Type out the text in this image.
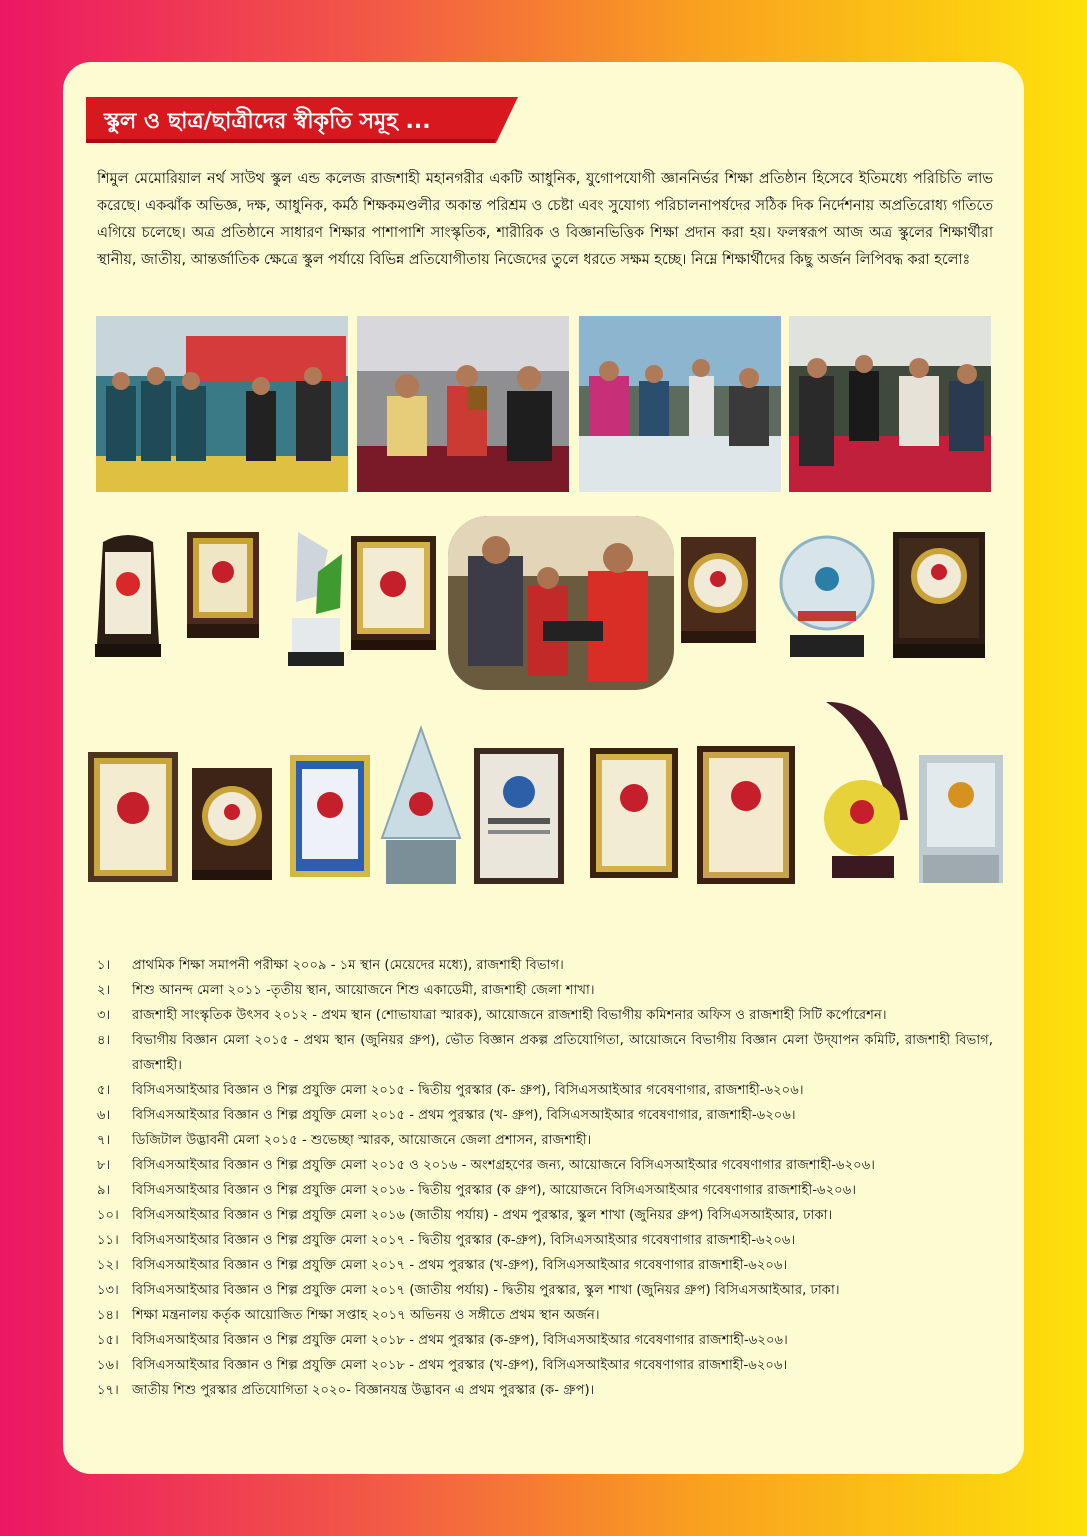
স্কুল ও ছাত্র/ছাত্রীদের স্বীকৃতি সমূহ ...

শিমুল মেমোরিয়াল নর্থ সাউথ স্কুল এন্ড কলেজ রাজশাহী মহানগরীর একটি আধুনিক, যুগোপযোগী জ্ঞাননির্ভর শিক্ষা প্রতিষ্ঠান হিসেবে ইতিমধ্যে পরিচিতি লাভ করেছে। একঝাঁক অভিজ্ঞ, দক্ষ, আধুনিক, কর্মঠ শিক্ষকমণ্ডলীর অকান্ত পরিশ্রম ও চেষ্টা এবং সুযোগ্য পরিচালনাপর্ষদের সঠিক দিক নির্দেশনায় অপ্রতিরোধ্য গতিতে এগিয়ে চলেছে। অত্র প্রতিষ্ঠানে সাধারণ শিক্ষার পাশাপাশি সাংস্কৃতিক, শারীরিক ও বিজ্ঞানভিত্তিক শিক্ষা প্রদান করা হয়। ফলস্বরূপ আজ অত্র স্কুলের শিক্ষার্থীরা স্থানীয়, জাতীয়, আন্তর্জাতিক ক্ষেত্রে স্কুল পর্যায়ে বিভিন্ন প্রতিযোগীতায় নিজেদের তুলে ধরতে সক্ষম হচ্ছে। নিম্নে শিক্ষার্থীদের কিছু অর্জন লিপিবদ্ধ করা হলোঃ

১। প্রাথমিক শিক্ষা সমাপনী পরীক্ষা ২০০৯ - ১ম স্থান (মেয়েদের মধ্যে), রাজশাহী বিভাগ।
২। শিশু আনন্দ মেলা ২০১১ -তৃতীয় স্থান, আয়োজনে শিশু একাডেমী, রাজশাহী জেলা শাখা।
৩। রাজশাহী সাংস্কৃতিক উৎসব ২০১২ - প্রথম স্থান (শোভাযাত্রা স্মারক), আয়োজনে রাজশাহী বিভাগীয় কমিশনার অফিস ও রাজশাহী সিটি কর্পোরেশন।
৪। বিভাগীয় বিজ্ঞান মেলা ২০১৫ - প্রথম স্থান (জুনিয়র গ্রুপ), ভৌত বিজ্ঞান প্রকল্প প্রতিযোগিতা, আয়োজনে বিভাগীয় বিজ্ঞান মেলা উদ্‌যাপন কমিটি, রাজশাহী বিভাগ, রাজশাহী।
৫। বিসিএসআইআর বিজ্ঞান ও শিল্প প্রযুক্তি মেলা ২০১৫ - দ্বিতীয় পুরস্কার (ক- গ্রুপ), বিসিএসআইআর গবেষণাগার, রাজশাহী-৬২০৬।
৬। বিসিএসআইআর বিজ্ঞান ও শিল্প প্রযুক্তি মেলা ২০১৫ - প্রথম পুরস্কার (খ- গ্রুপ), বিসিএসআইআর গবেষণাগার, রাজশাহী-৬২০৬।
৭। ডিজিটাল উদ্ভাবনী মেলা ২০১৫ - শুভেচ্ছা স্মারক, আয়োজনে জেলা প্রশাসন, রাজশাহী।
৮। বিসিএসআইআর বিজ্ঞান ও শিল্প প্রযুক্তি মেলা ২০১৫ ও ২০১৬ - অংশগ্রহণের জন্য, আয়োজনে বিসিএসআইআর গবেষণাগার রাজশাহী-৬২০৬।
৯। বিসিএসআইআর বিজ্ঞান ও শিল্প প্রযুক্তি মেলা ২০১৬ - দ্বিতীয় পুরস্কার (ক গ্রুপ), আয়োজনে বিসিএসআইআর গবেষণাগার রাজশাহী-৬২০৬।
১০। বিসিএসআইআর বিজ্ঞান ও শিল্প প্রযুক্তি মেলা ২০১৬ (জাতীয় পর্যায়) - প্রথম পুরস্কার, স্কুল শাখা (জুনিয়র গ্রুপ) বিসিএসআইআর, ঢাকা।
১১। বিসিএসআইআর বিজ্ঞান ও শিল্প প্রযুক্তি মেলা ২০১৭ - দ্বিতীয় পুরস্কার (ক-গ্রুপ), বিসিএসআইআর গবেষণাগার রাজশাহী-৬২০৬।
১২। বিসিএসআইআর বিজ্ঞান ও শিল্প প্রযুক্তি মেলা ২০১৭ - প্রথম পুরস্কার (খ-গ্রুপ), বিসিএসআইআর গবেষণাগার রাজশাহী-৬২০৬।
১৩। বিসিএসআইআর বিজ্ঞান ও শিল্প প্রযুক্তি মেলা ২০১৭ (জাতীয় পর্যায়) - দ্বিতীয় পুরস্কার, স্কুল শাখা (জুনিয়র গ্রুপ) বিসিএসআইআর, ঢাকা।
১৪। শিক্ষা মন্ত্রনালয় কর্তৃক আয়োজিত শিক্ষা সপ্তাহ ২০১৭ অভিনয় ও সঙ্গীতে প্রথম স্থান অর্জন।
১৫। বিসিএসআইআর বিজ্ঞান ও শিল্প প্রযুক্তি মেলা ২০১৮ - প্রথম পুরস্কার (ক-গ্রুপ), বিসিএসআইআর গবেষণাগার রাজশাহী-৬২০৬।
১৬। বিসিএসআইআর বিজ্ঞান ও শিল্প প্রযুক্তি মেলা ২০১৮ - প্রথম পুরস্কার (খ-গ্রুপ), বিসিএসআইআর গবেষণাগার রাজশাহী-৬২০৬।
১৭। জাতীয় শিশু পুরস্কার প্রতিযোগিতা ২০২০- বিজ্ঞানযন্ত্র উদ্ভাবন এ প্রথম পুরস্কার (ক- গ্রুপ)।
